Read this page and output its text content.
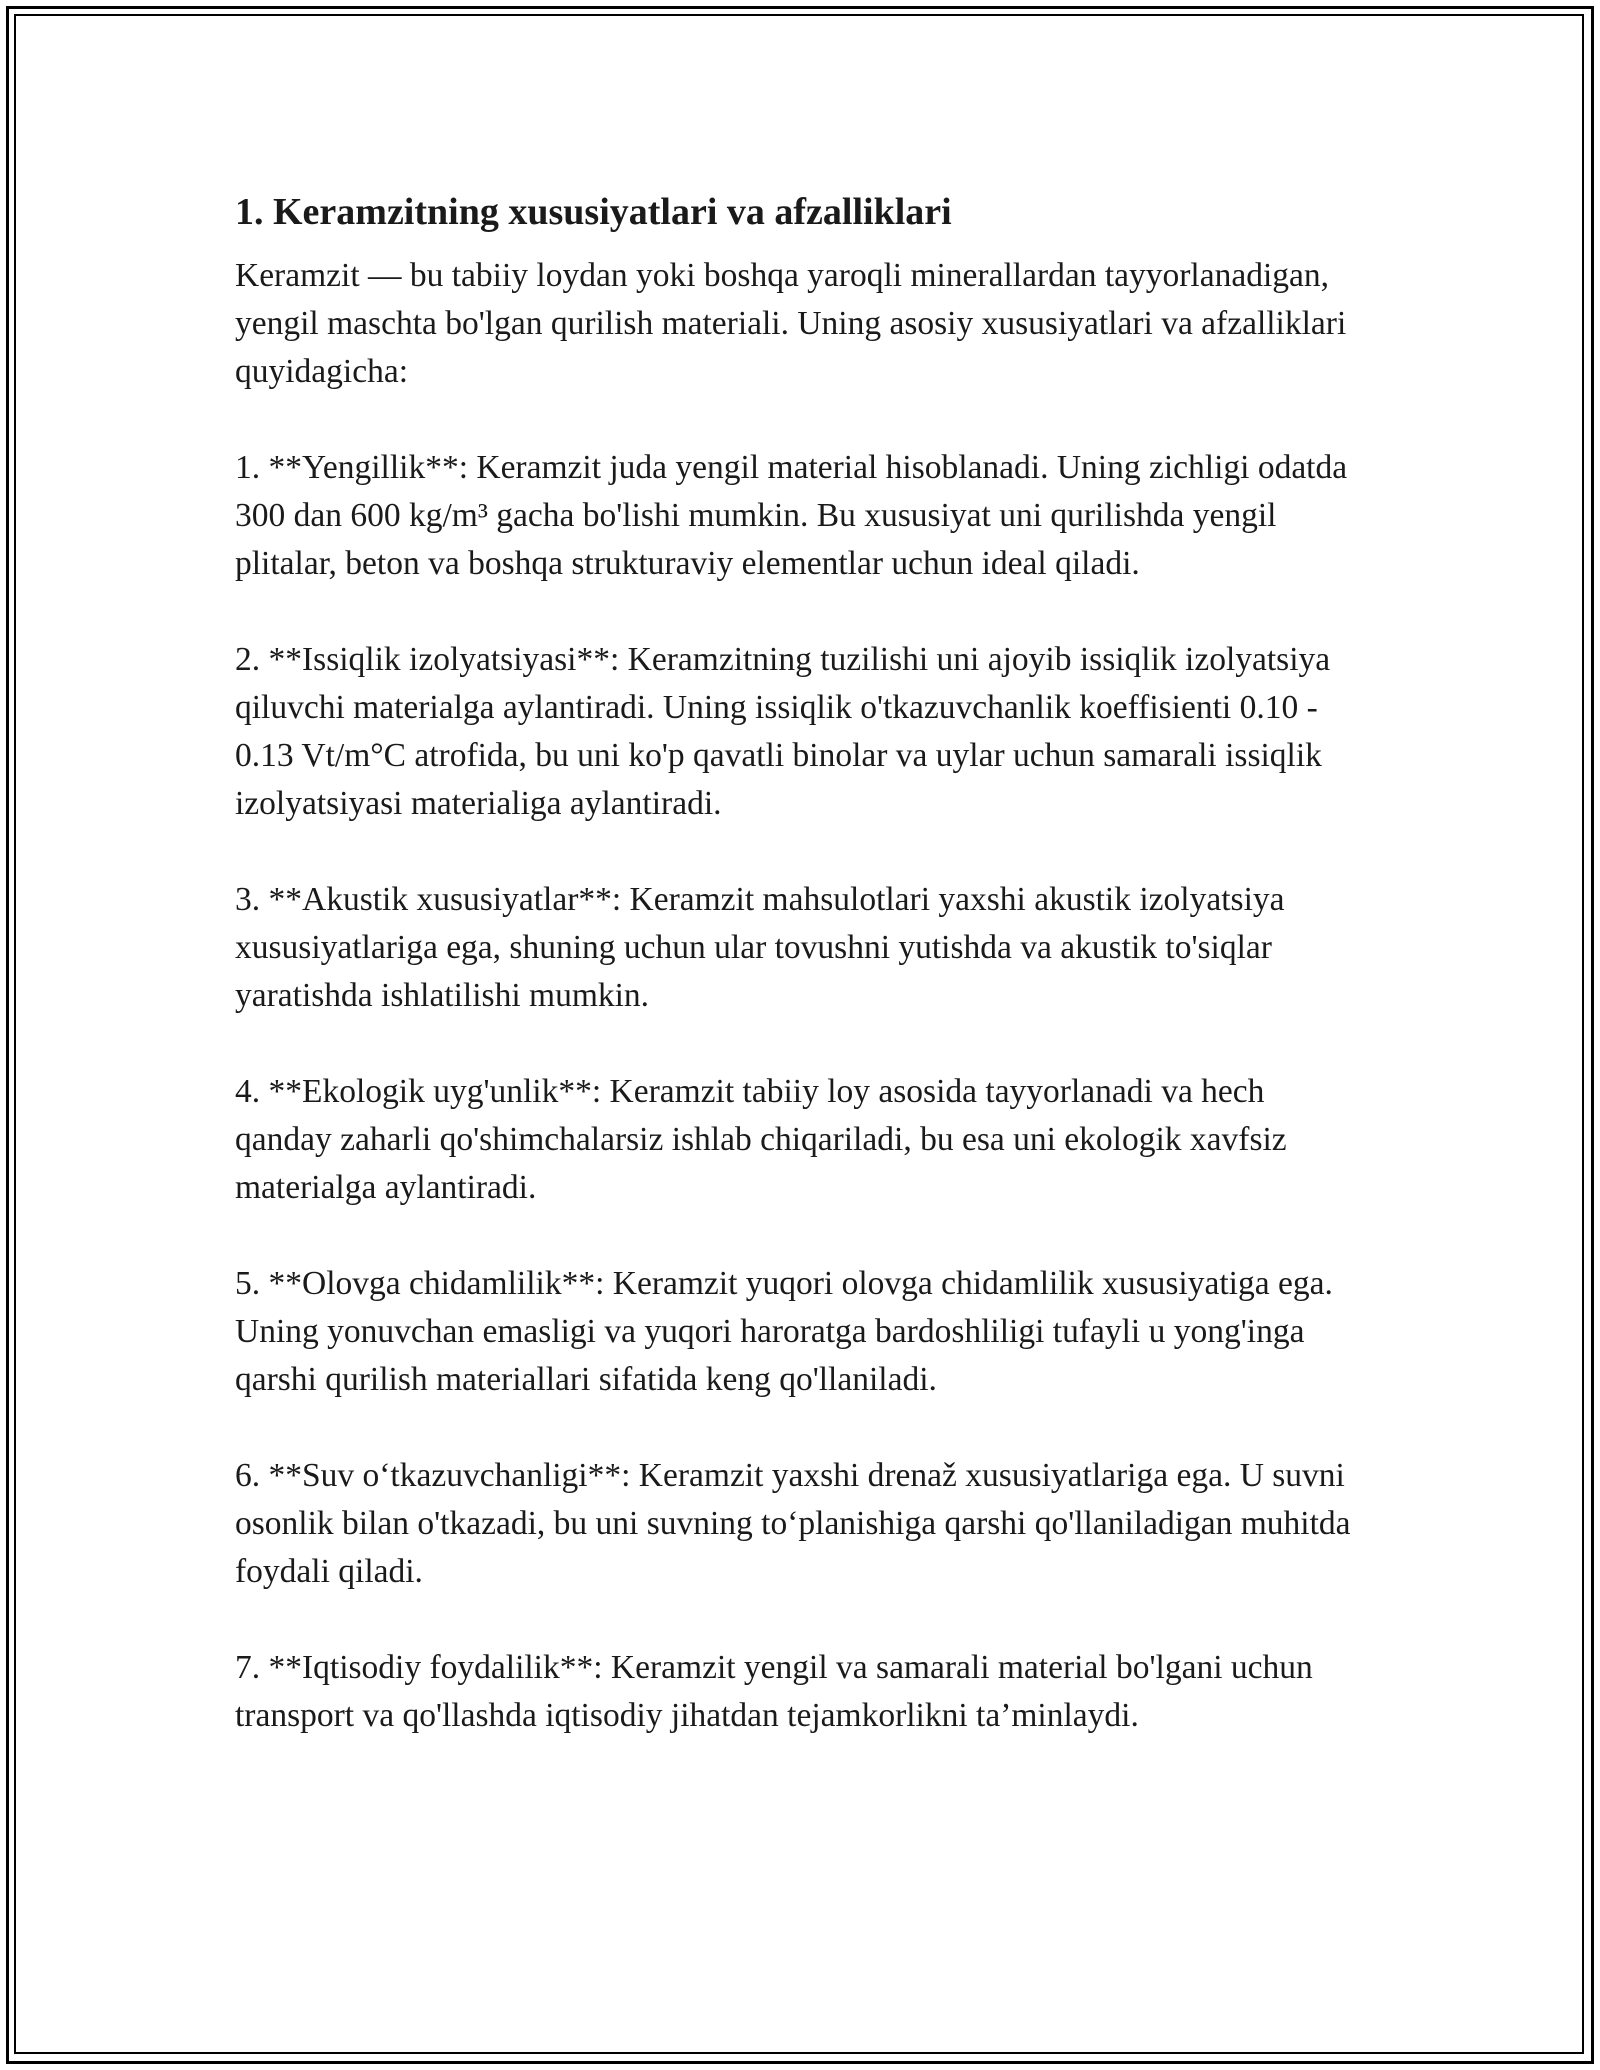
1. Keramzitning xususiyatlari va afzalliklari

Keramzit — bu tabiiy loydan yoki boshqa yaroqli minerallardan tayyorlanadigan, yengil maschta bo'lgan qurilish materiali. Uning asosiy xususiyatlari va afzalliklari quyidagicha:

1. **Yengillik**: Keramzit juda yengil material hisoblanadi. Uning zichligi odatda 300 dan 600 kg/m³ gacha bo'lishi mumkin. Bu xususiyat uni qurilishda yengil plitalar, beton va boshqa strukturaviy elementlar uchun ideal qiladi.

2. **Issiqlik izolyatsiyasi**: Keramzitning tuzilishi uni ajoyib issiqlik izolyatsiya qiluvchi materialga aylantiradi. Uning issiqlik o'tkazuvchanlik koeffisienti 0.10 - 0.13 Vt/m°C atrofida, bu uni ko'p qavatli binolar va uylar uchun samarali issiqlik izolyatsiyasi materialiga aylantiradi.

3. **Akustik xususiyatlar**: Keramzit mahsulotlari yaxshi akustik izolyatsiya xususiyatlariga ega, shuning uchun ular tovushni yutishda va akustik to'siqlar yaratishda ishlatilishi mumkin.

4. **Ekologik uyg'unlik**: Keramzit tabiiy loy asosida tayyorlanadi va hech qanday zaharli qo'shimchalarsiz ishlab chiqariladi, bu esa uni ekologik xavfsiz materialga aylantiradi.

5. **Olovga chidamlilik**: Keramzit yuqori olovga chidamlilik xususiyatiga ega. Uning yonuvchan emasligi va yuqori haroratga bardoshliligi tufayli u yong'inga qarshi qurilish materiallari sifatida keng qo'llaniladi.

6. **Suv o‘tkazuvchanligi**: Keramzit yaxshi drenaž xususiyatlariga ega. U suvni osonlik bilan o'tkazadi, bu uni suvning to‘planishiga qarshi qo'llaniladigan muhitda foydali qiladi.

7. **Iqtisodiy foydalilik**: Keramzit yengil va samarali material bo'lgani uchun transport va qo'llashda iqtisodiy jihatdan tejamkorlikni ta’minlaydi.
